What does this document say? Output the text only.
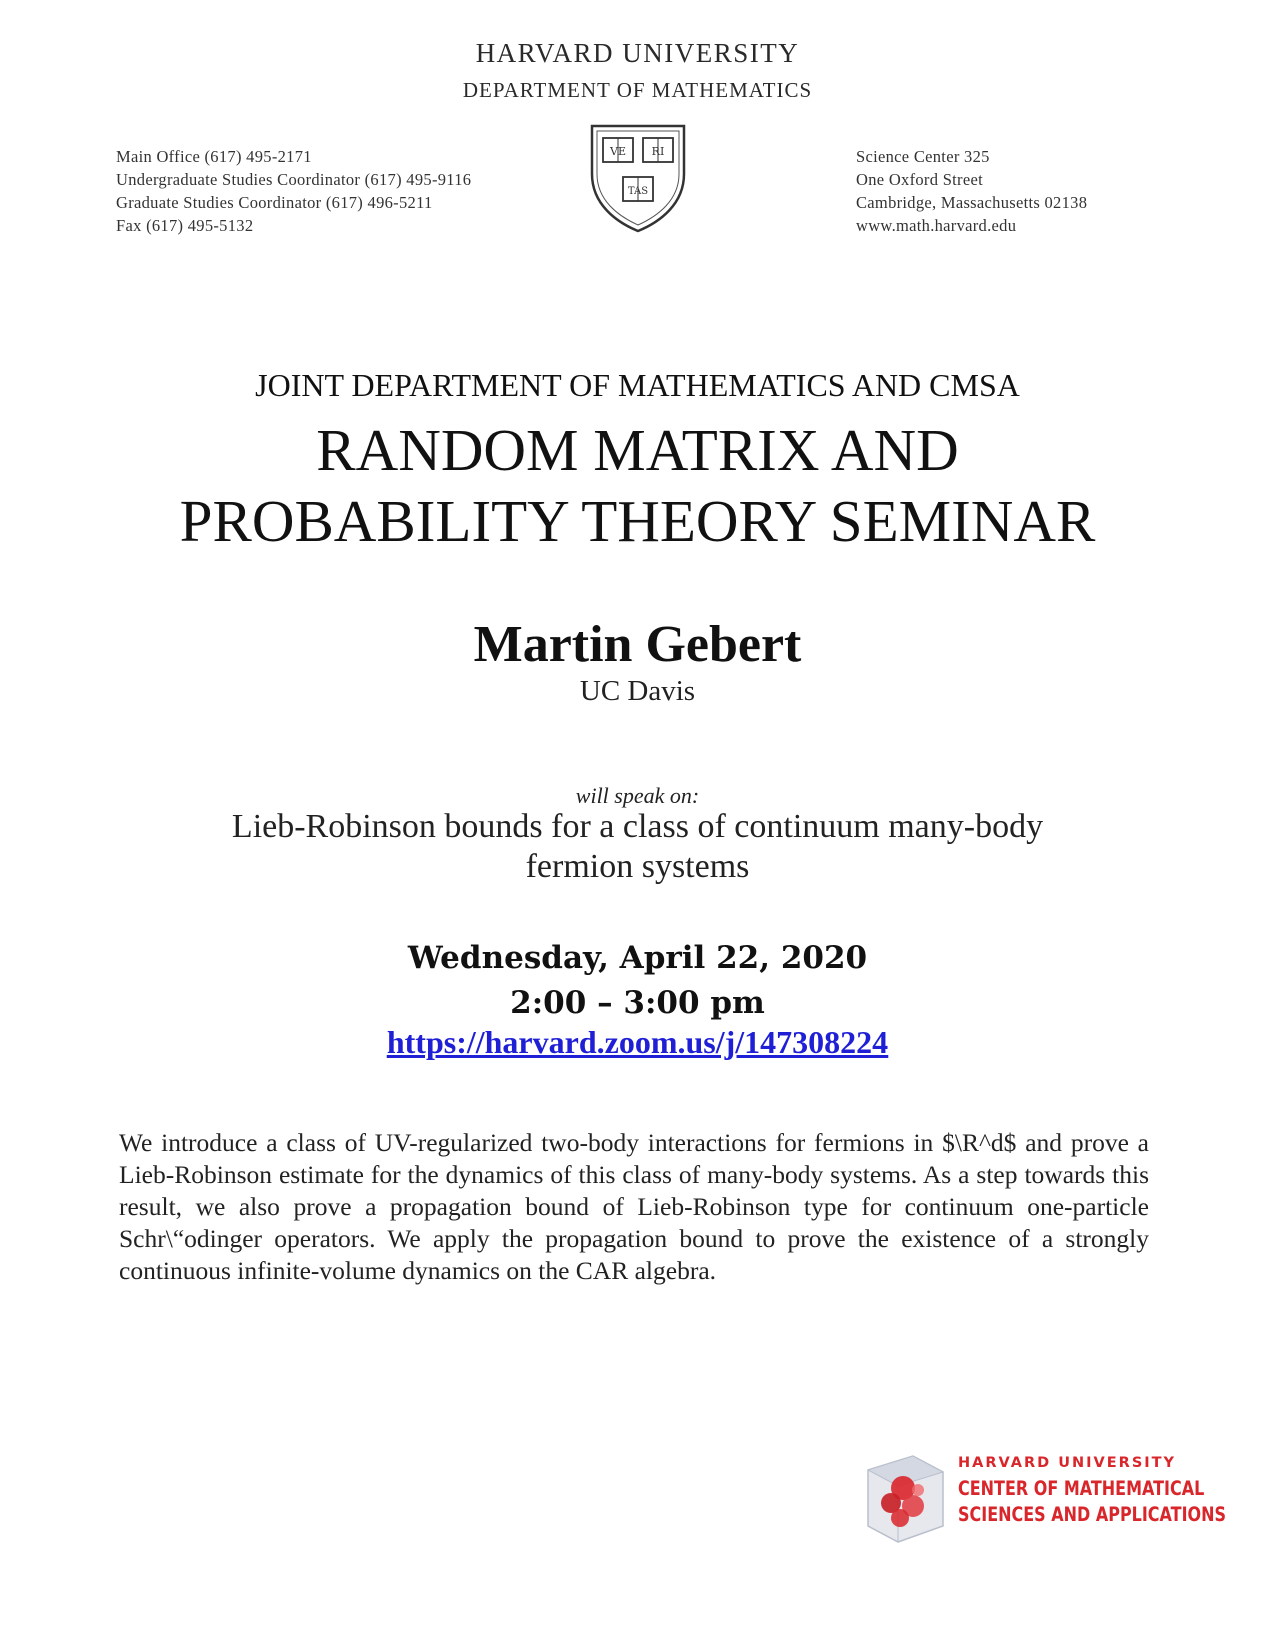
HARVARD UNIVERSITY
DEPARTMENT OF MATHEMATICS
Main Office (617) 495-2171
Undergraduate Studies Coordinator (617) 495-9116
Graduate Studies Coordinator (617) 496-5211
Fax (617) 495-5132
VE RI
TAS
Science Center 325
One Oxford Street
Cambridge, Massachusetts 02138
www.math.harvard.edu
JOINT DEPARTMENT OF MATHEMATICS AND CMSA
RANDOM MATRIX AND
PROBABILITY THEORY SEMINAR
Martin Gebert
UC Davis
will speak on:
Lieb-Robinson bounds for a class of continuum many-body
fermion systems
Wednesday, April 22, 2020
2:00 – 3:00 pm
https://harvard.zoom.us/j/147308224
We introduce a class of UV-regularized two-body interactions for fermions in $\R^d$ and prove a Lieb-Robinson estimate for the dynamics of this class of many-body systems. As a step towards this result, we also prove a propagation bound of Lieb-Robinson type for continuum one-particle Schr\“odinger operators. We apply the propagation bound to prove the existence of a strongly continuous infinite-volume dynamics on the CAR algebra.
HARVARD UNIVERSITY
CENTER OF MATHEMATICAL
SCIENCES AND APPLICATIONS
